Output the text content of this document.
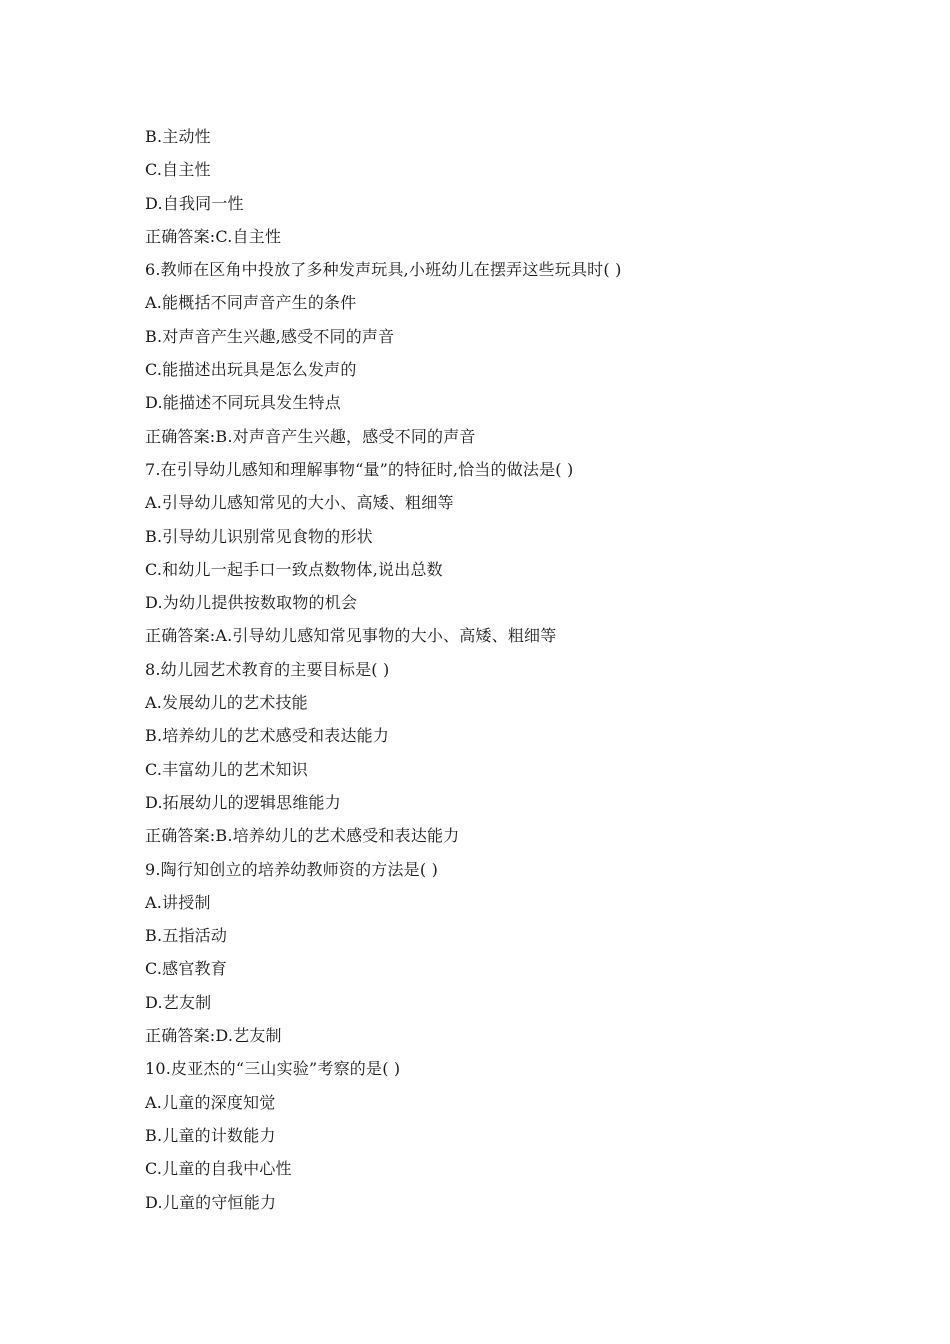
B.主动性
C.自主性
D.自我同一性
正确答案:C.自主性
6.教师在区角中投放了多种发声玩具,小班幼儿在摆弄这些玩具时( )
A.能概括不同声音产生的条件
B.对声音产生兴趣,感受不同的声音
C.能描述出玩具是怎么发声的
D.能描述不同玩具发生特点
正确答案:B.对声音产生兴趣，感受不同的声音
7.在引导幼儿感知和理解事物“量”的特征时,恰当的做法是( )
A.引导幼儿感知常见的大小、高矮、粗细等
B.引导幼儿识别常见食物的形状
C.和幼儿一起手口一致点数物体,说出总数
D.为幼儿提供按数取物的机会
正确答案:A.引导幼儿感知常见事物的大小、高矮、粗细等
8.幼儿园艺术教育的主要目标是( )
A.发展幼儿的艺术技能
B.培养幼儿的艺术感受和表达能力
C.丰富幼儿的艺术知识
D.拓展幼儿的逻辑思维能力
正确答案:B.培养幼儿的艺术感受和表达能力
9.陶行知创立的培养幼教师资的方法是( )
A.讲授制
B.五指活动
C.感官教育
D.艺友制
正确答案:D.艺友制
10.皮亚杰的“三山实验”考察的是( )
A.儿童的深度知觉
B.儿童的计数能力
C.儿童的自我中心性
D.儿童的守恒能力
